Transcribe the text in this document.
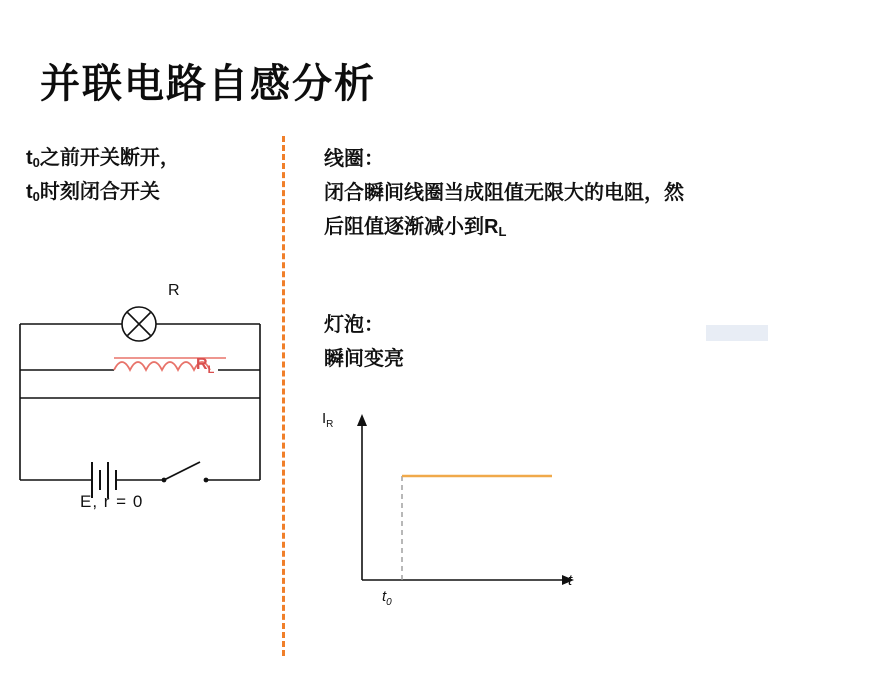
并联电路自感分析
$t_0$之前开关断开，
$t_0$时刻闭合开关
线圈：
闭合瞬间线圈当成阻值无限大的电阻，然
后阻值逐渐减小到$R_L$
灯泡：
瞬间变亮
R
$R_L$
E, r = 0
$I_R$
t
$t_0$
